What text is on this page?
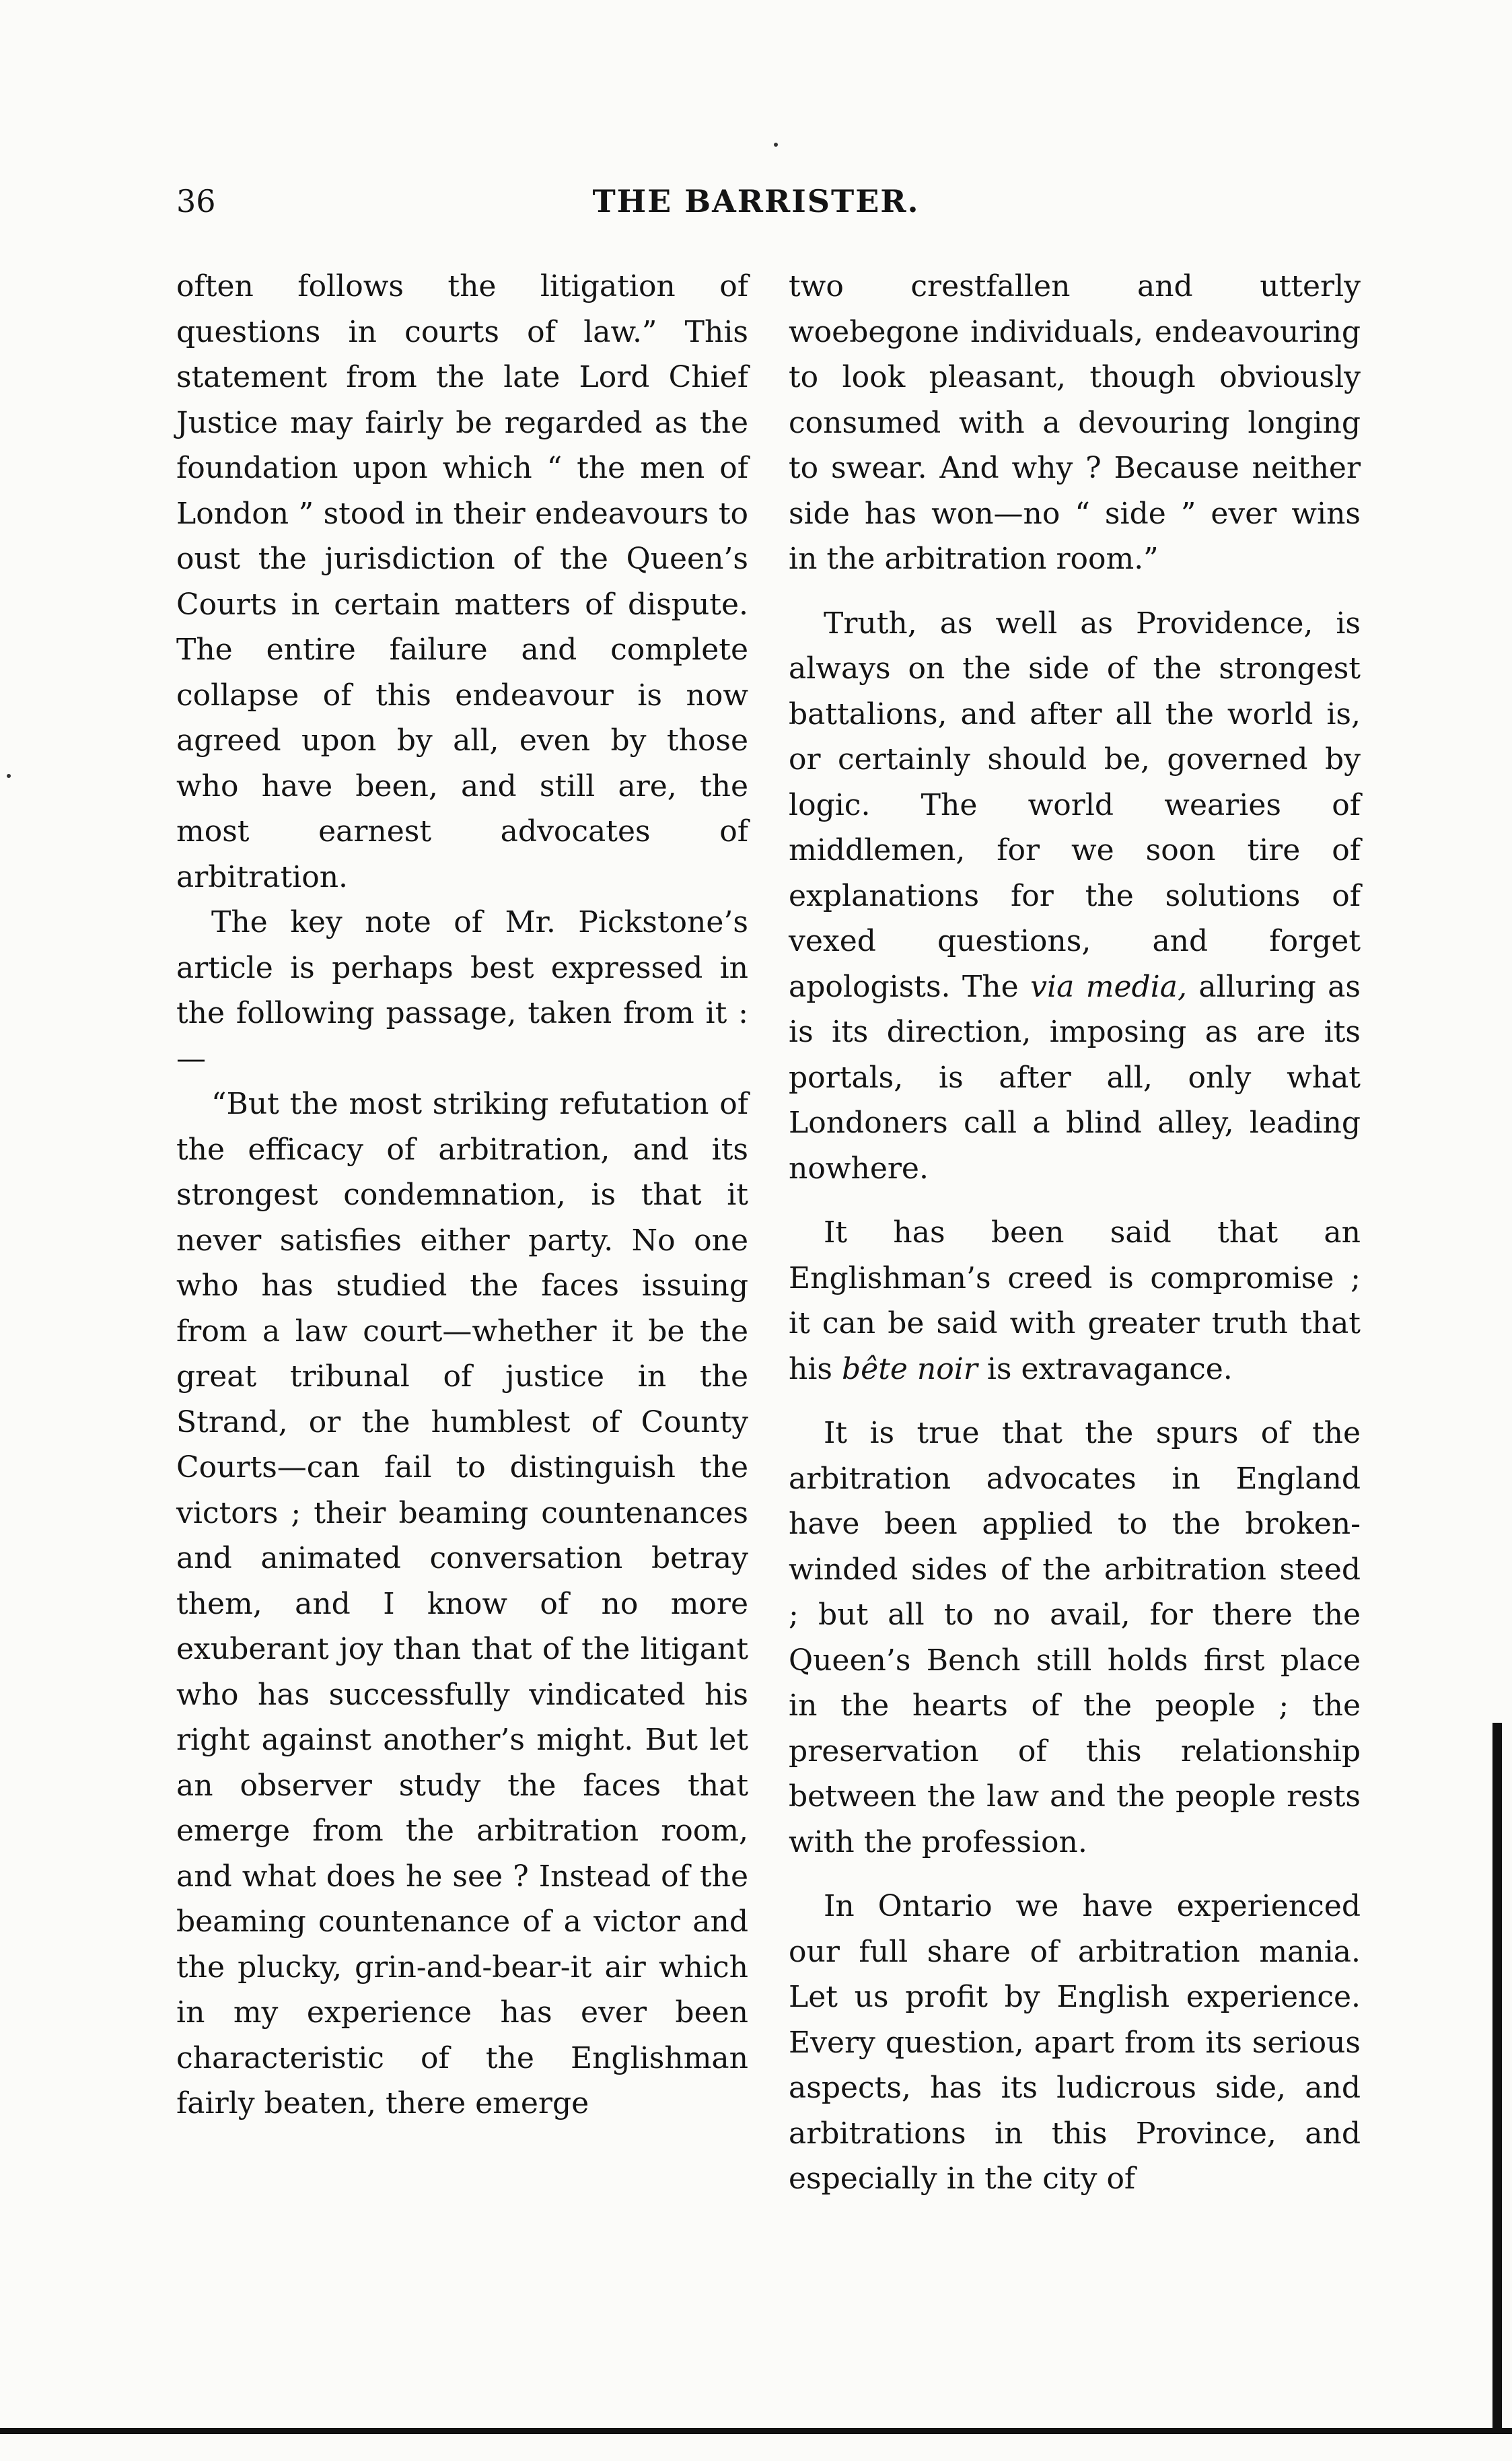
36	THE BARRISTER.

often follows the litigation of questions in courts of law.” This statement from the late Lord Chief Justice may fairly be regarded as the foundation upon which “ the men of London ” stood in their endeavours to oust the jurisdiction of the Queen’s Courts in certain matters of dispute. The entire failure and complete collapse of this endeavour is now agreed upon by all, even by those who have been, and still are, the most earnest advocates of arbitration.

The key note of Mr. Pickstone’s article is perhaps best expressed in the following passage, taken from it :—

“But the most striking refutation of the efficacy of arbitration, and its strongest condemnation, is that it never satisfies either party. No one who has studied the faces issuing from a law court—whether it be the great tribunal of justice in the Strand, or the humblest of County Courts—can fail to distinguish the victors ; their beaming countenances and animated conversation betray them, and I know of no more exuberant joy than that of the litigant who has successfully vindicated his right against another’s might. But let an observer study the faces that emerge from the arbitration room, and what does he see ? Instead of the beaming countenance of a victor and the plucky, grin-and-bear-it air which in my experience has ever been characteristic of the Englishman fairly beaten, there emerge

two crestfallen and utterly woebegone individuals, endeavouring to look pleasant, though obviously consumed with a devouring longing to swear. And why ? Because neither side has won—no “ side ” ever wins in the arbitration room.”

Truth, as well as Providence, is always on the side of the strongest battalions, and after all the world is, or certainly should be, governed by logic. The world wearies of middlemen, for we soon tire of explanations for the solutions of vexed questions, and forget apologists. The via media, alluring as is its direction, imposing as are its portals, is after all, only what Londoners call a blind alley, leading nowhere.

It has been said that an Englishman’s creed is compromise ; it can be said with greater truth that his bête noir is extravagance.

It is true that the spurs of the arbitration advocates in England have been applied to the broken-winded sides of the arbitration steed ; but all to no avail, for there the Queen’s Bench still holds first place in the hearts of the people ; the preservation of this relationship between the law and the people rests with the profession.

In Ontario we have experienced our full share of arbitration mania. Let us profit by English experience. Every question, apart from its serious aspects, has its ludicrous side, and arbitrations in this Province, and especially in the city of
